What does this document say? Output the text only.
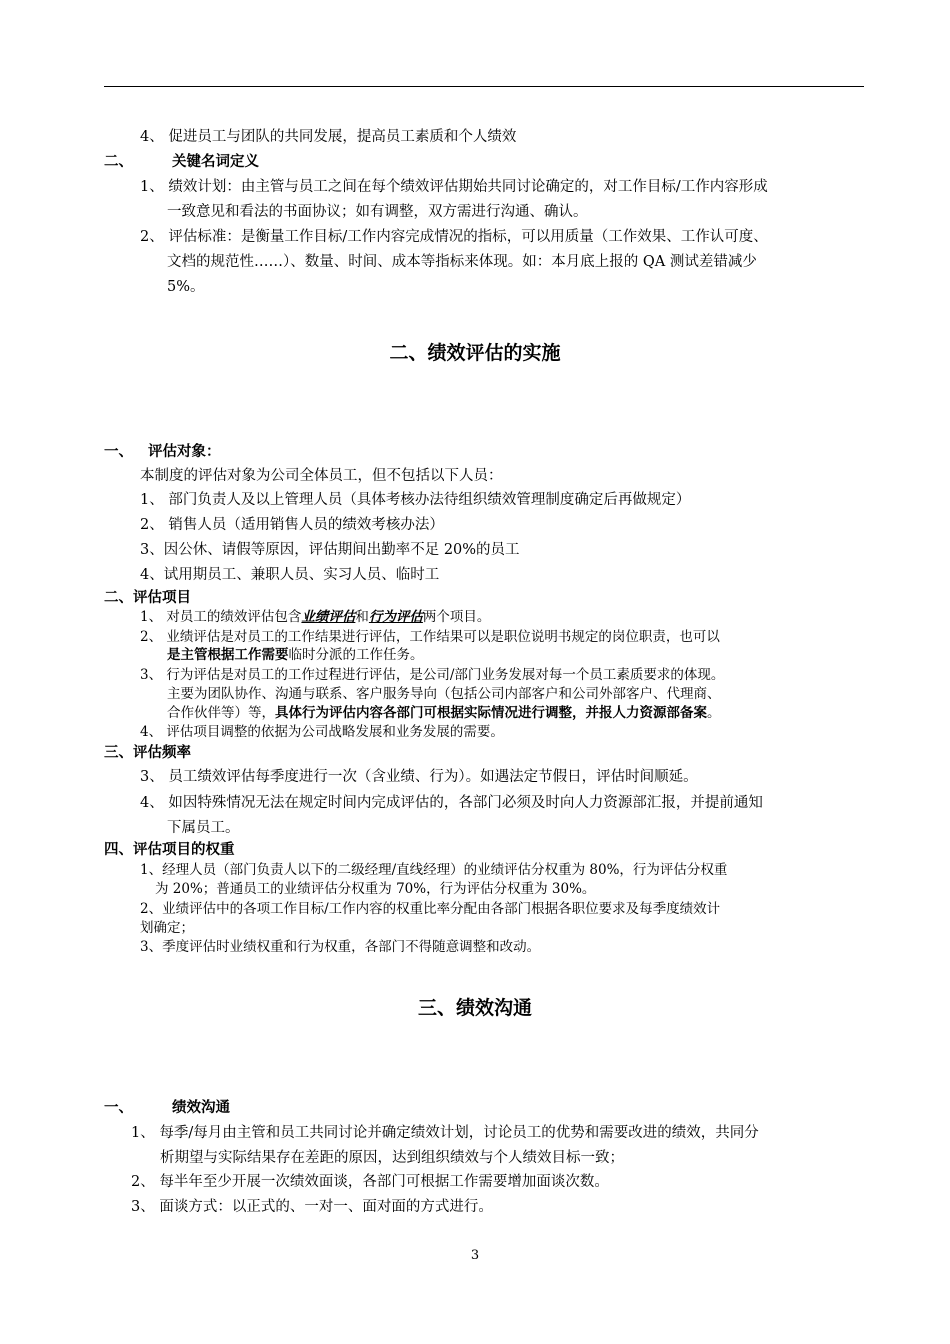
4、 促进员工与团队的共同发展，提高员工素质和个人绩效
二、	关键名词定义
1、 绩效计划：由主管与员工之间在每个绩效评估期始共同讨论确定的，对工作目标/工作内容形成
一致意见和看法的书面协议；如有调整，双方需进行沟通、确认。
2、 评估标准：是衡量工作目标/工作内容完成情况的指标，可以用质量（工作效果、工作认可度、
文档的规范性……）、数量、时间、成本等指标来体现。如：本月底上报的 QA 测试差错减少
5%。
二、绩效评估的实施
一、 评估对象：
本制度的评估对象为公司全体员工，但不包括以下人员：
1、 部门负责人及以上管理人员（具体考核办法待组织绩效管理制度确定后再做规定）
2、 销售人员（适用销售人员的绩效考核办法）
3、因公休、请假等原因，评估期间出勤率不足 20%的员工
4、试用期员工、兼职人员、实习人员、临时工
二、评估项目
1、 对员工的绩效评估包含业绩评估和行为评估两个项目。
2、 业绩评估是对员工的工作结果进行评估，工作结果可以是职位说明书规定的岗位职责，也可以
是主管根据工作需要临时分派的工作任务。
3、 行为评估是对员工的工作过程进行评估，是公司/部门业务发展对每一个员工素质要求的体现。
主要为团队协作、沟通与联系、客户服务导向（包括公司内部客户和公司外部客户、代理商、
合作伙伴等）等，具体行为评估内容各部门可根据实际情况进行调整，并报人力资源部备案。
4、 评估项目调整的依据为公司战略发展和业务发展的需要。
三、评估频率
3、 员工绩效评估每季度进行一次（含业绩、行为）。如遇法定节假日，评估时间顺延。
4、 如因特殊情况无法在规定时间内完成评估的，各部门必须及时向人力资源部汇报，并提前通知
下属员工。
四、评估项目的权重
1、经理人员（部门负责人以下的二级经理/直线经理）的业绩评估分权重为 80%，行为评估分权重
为 20%；普通员工的业绩评估分权重为 70%，行为评估分权重为 30%。
2、业绩评估中的各项工作目标/工作内容的权重比率分配由各部门根据各职位要求及每季度绩效计
划确定；
3、季度评估时业绩权重和行为权重，各部门不得随意调整和改动。
三、绩效沟通
一、	绩效沟通
1、 每季/每月由主管和员工共同讨论并确定绩效计划，讨论员工的优势和需要改进的绩效，共同分
析期望与实际结果存在差距的原因，达到组织绩效与个人绩效目标一致；
2、 每半年至少开展一次绩效面谈，各部门可根据工作需要增加面谈次数。
3、 面谈方式：以正式的、一对一、面对面的方式进行。
3
